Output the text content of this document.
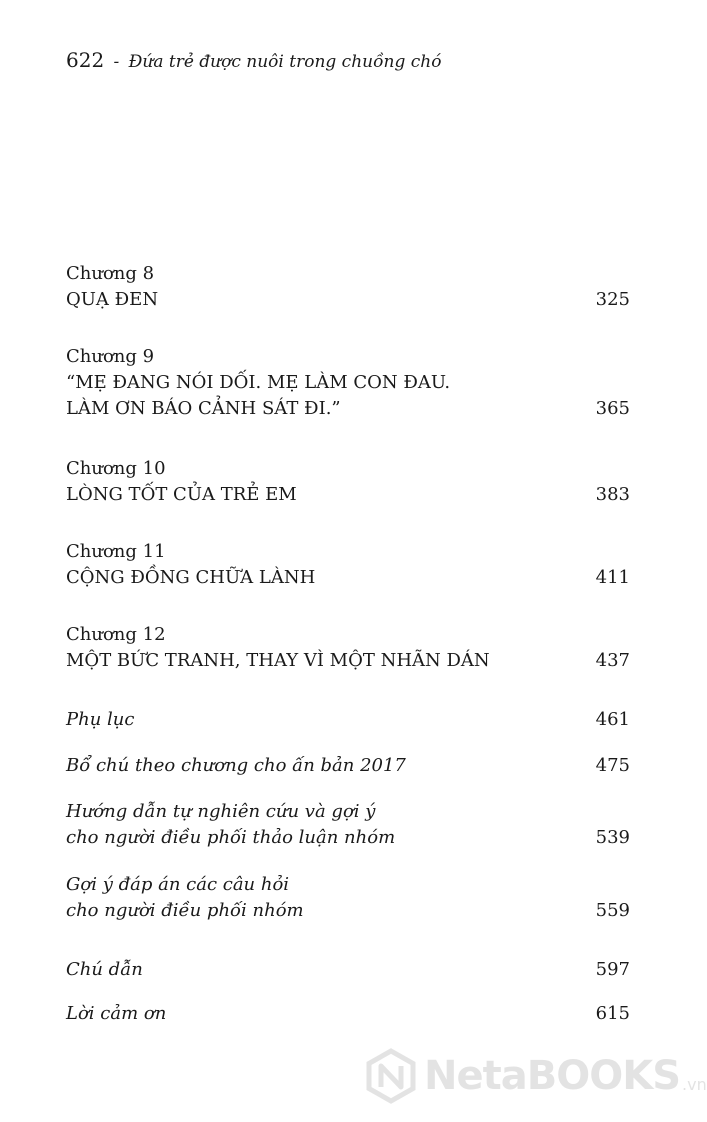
622 - Đứa trẻ được nuôi trong chuồng chó
Chương 8
QUẠ ĐEN	325
Chương 9
“MẸ ĐANG NÓI DỐI. MẸ LÀM CON ĐAU.
LÀM ƠN BÁO CẢNH SÁT ĐI.”	365
Chương 10
LÒNG TỐT CỦA TRẺ EM	383
Chương 11
CỘNG ĐỒNG CHỮA LÀNH	411
Chương 12
MỘT BỨC TRANH, THAY VÌ MỘT NHÃN DÁN	437
Phụ lục	461
Bổ chú theo chương cho ấn bản 2017	475
Hướng dẫn tự nghiên cứu và gợi ý
cho người điều phối thảo luận nhóm	539
Gợi ý đáp án các câu hỏi
cho người điều phối nhóm	559
Chú dẫn	597
Lời cảm ơn	615
NetaBOOKS .vn
